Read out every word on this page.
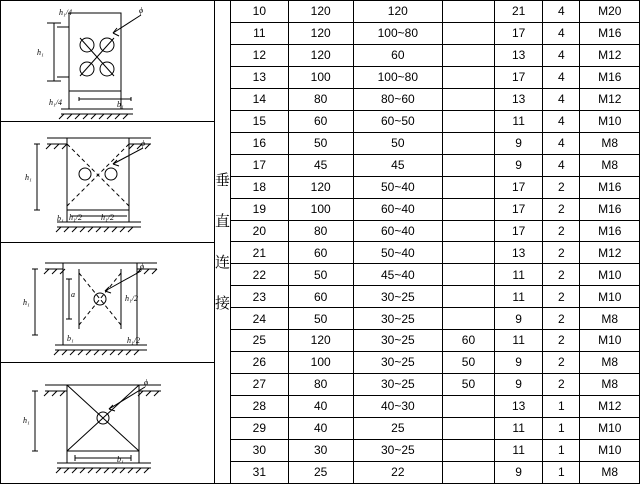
h₁/4
h₁/4
h₁
ϕ
b₁
h₁
ϕ
h₁/2 h₁/2
b₁
h₁
a
ϕ
h₁/2
b₁	h₁/2
h₁
ϕ
b₁
垂
直
连
接
10	120	120		21	4	M20
11	120	100~80		17	4	M16
12	120	60		13	4	M12
13	100	100~80		17	4	M16
14	80	80~60		13	4	M12
15	60	60~50		11	4	M10
16	50	50		9	4	M8
17	45	45		9	4	M8
18	120	50~40		17	2	M16
19	100	60~40		17	2	M16
20	80	60~40		17	2	M16
21	60	50~40		13	2	M12
22	50	45~40		11	2	M10
23	60	30~25		11	2	M10
24	50	30~25		9	2	M8
25	120	30~25	60	11	2	M10
26	100	30~25	50	9	2	M8
27	80	30~25	50	9	2	M8
28	40	40~30		13	1	M12
29	40	25		11	1	M10
30	30	30~25		11	1	M10
31	25	22		9	1	M8
